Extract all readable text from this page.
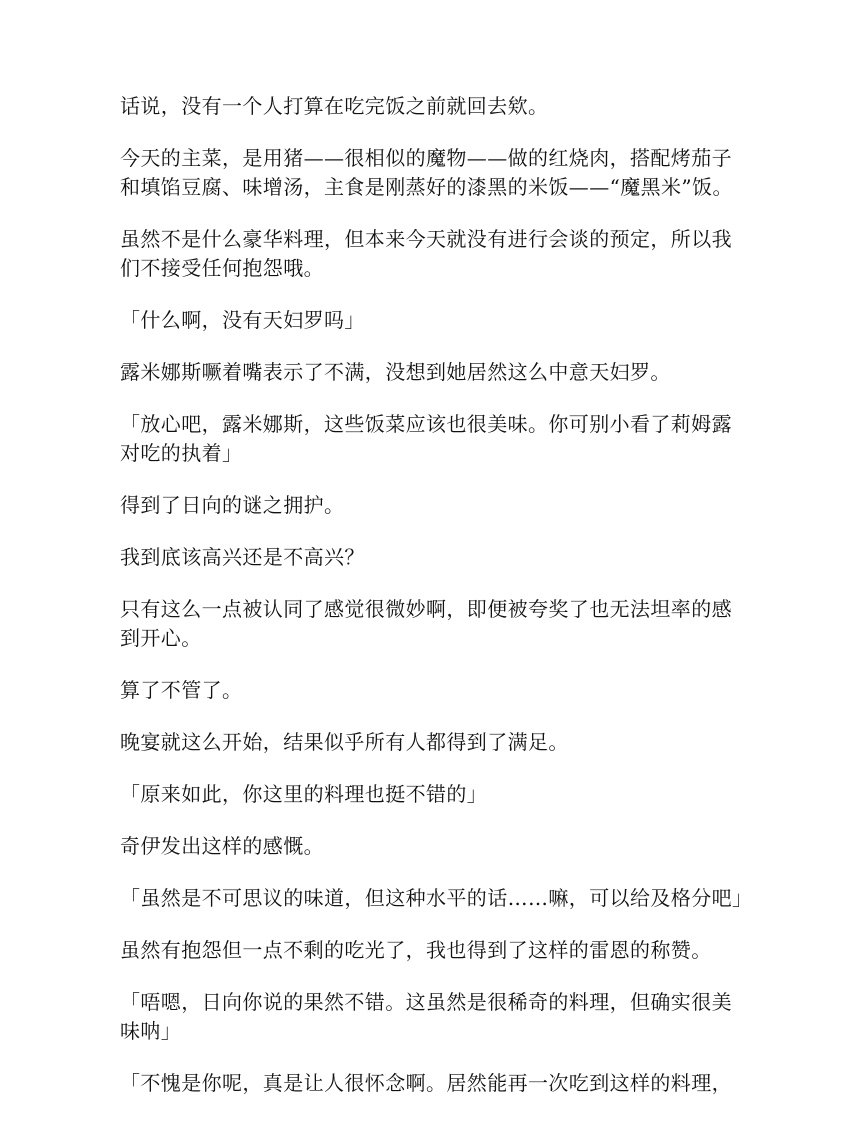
话说，没有一个人打算在吃完饭之前就回去欸。

今天的主菜，是用猪——很相似的魔物——做的红烧肉，搭配烤茄子和填馅豆腐、味增汤，主食是刚蒸好的漆黑的米饭——“魔黑米”饭。

虽然不是什么豪华料理，但本来今天就没有进行会谈的预定，所以我们不接受任何抱怨哦。

「什么啊，没有天妇罗吗」

露米娜斯噘着嘴表示了不满，没想到她居然这么中意天妇罗。

「放心吧，露米娜斯，这些饭菜应该也很美味。你可别小看了莉姆露对吃的执着」

得到了日向的谜之拥护。

我到底该高兴还是不高兴？

只有这么一点被认同了感觉很微妙啊，即便被夸奖了也无法坦率的感到开心。

算了不管了。

晚宴就这么开始，结果似乎所有人都得到了满足。

「原来如此，你这里的料理也挺不错的」

奇伊发出这样的感慨。

「虽然是不可思议的味道，但这种水平的话……嘛，可以给及格分吧」

虽然有抱怨但一点不剩的吃光了，我也得到了这样的雷恩的称赞。

「唔嗯，日向你说的果然不错。这虽然是很稀奇的料理，但确实很美味呐」

「不愧是你呢，真是让人很怀念啊。居然能再一次吃到这样的料理，
